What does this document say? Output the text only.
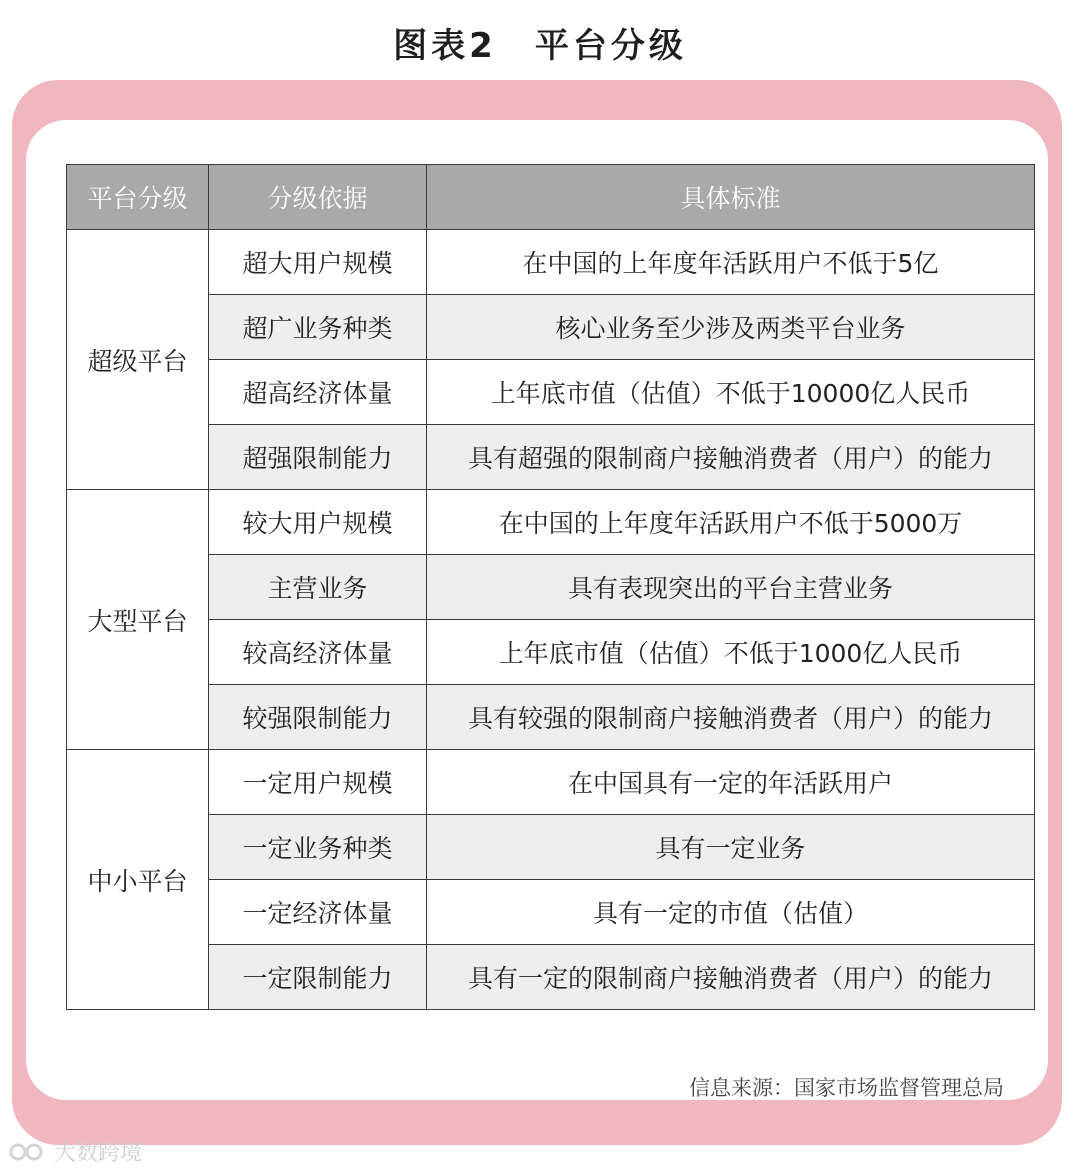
图表2　平台分级
平台分级	分级依据	具体标准
超级平台	超大用户规模	在中国的上年度年活跃用户不低于5亿
	超广业务种类	核心业务至少涉及两类平台业务
	超高经济体量	上年底市值（估值）不低于10000亿人民币
	超强限制能力	具有超强的限制商户接触消费者（用户）的能力
大型平台	较大用户规模	在中国的上年度年活跃用户不低于5000万
	主营业务	具有表现突出的平台主营业务
	较高经济体量	上年底市值（估值）不低于1000亿人民币
	较强限制能力	具有较强的限制商户接触消费者（用户）的能力
中小平台	一定用户规模	在中国具有一定的年活跃用户
	一定业务种类	具有一定业务
	一定经济体量	具有一定的市值（估值）
	一定限制能力	具有一定的限制商户接触消费者（用户）的能力
信息来源：国家市场监督管理总局
大数跨境
